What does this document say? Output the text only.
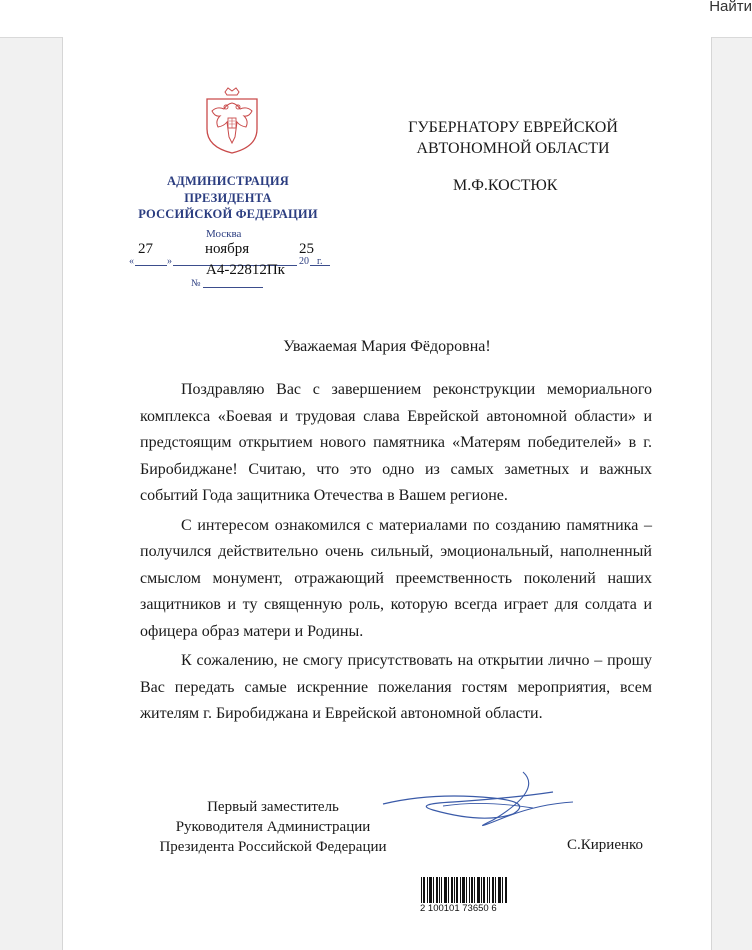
Найти
АДМИНИСТРАЦИЯ
ПРЕЗИДЕНТА
РОССИЙСКОЙ ФЕДЕРАЦИИ
Москва
«	»
27	ноября
20
25
г.
№
А4-22812Пк
ГУБЕРНАТОРУ ЕВРЕЙСКОЙ
АВТОНОМНОЙ ОБЛАСТИ
М.Ф.КОСТЮК
Уважаемая Мария Фёдоровна!

Поздравляю Вас с завершением реконструкции мемориального комплекса «Боевая и трудовая слава Еврейской автономной области» и предстоящим открытием нового памятника «Матерям победителей» в г. Биробиджане! Считаю, что это одно из самых заметных и важных событий Года защитника Отечества в Вашем регионе.

С интересом ознакомился с материалами по созданию памятника – получился действительно очень сильный, эмоциональный, наполненный смыслом монумент, отражающий преемственность поколений наших защитников и ту священную роль, которую всегда играет для солдата и офицера образ матери и Родины.

К сожалению, не смогу присутствовать на открытии лично – прошу Вас передать самые искренние пожелания гостям мероприятия, всем жителям г. Биробиджана и Еврейской автономной области.

Первый заместитель
Руководителя Администрации
Президента Российской Федерации	С.Кириенко
2 100101 73650 6
